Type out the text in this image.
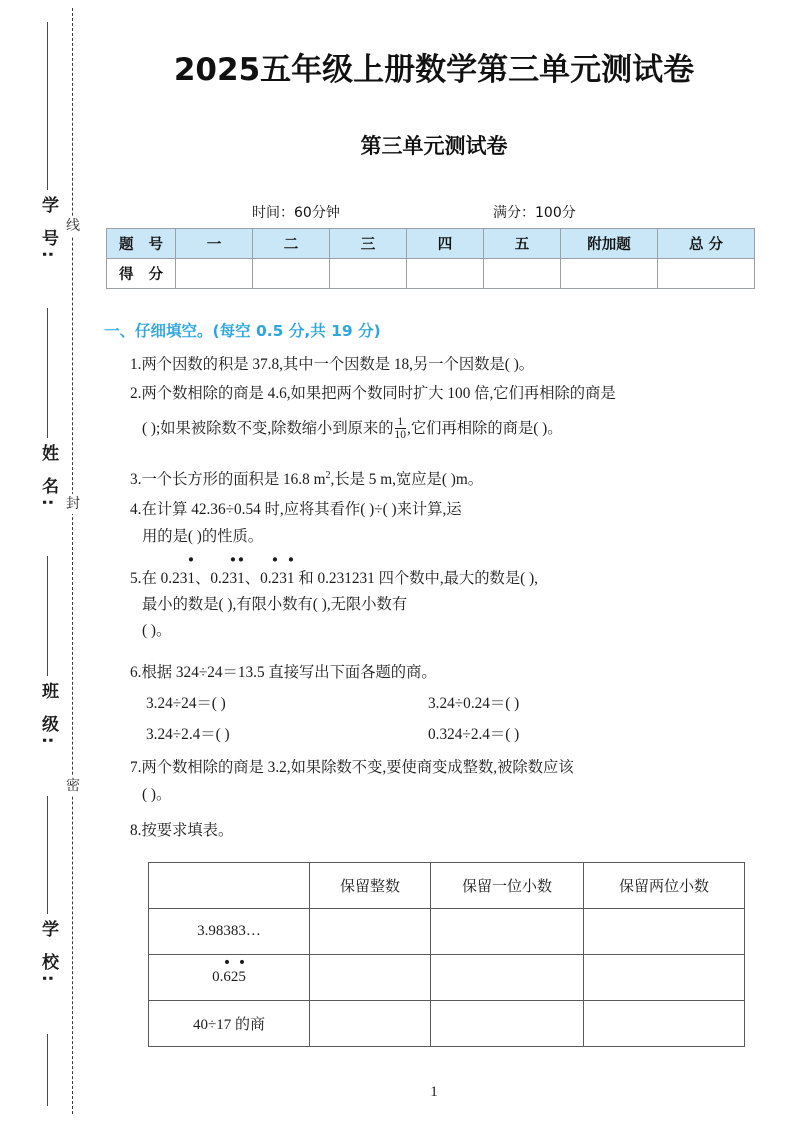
线
封
密
学 号:
姓 名:
班 级:
学 校:
2025五年级上册数学第三单元测试卷
第三单元测试卷
时间：60分钟	满分：100分
题 号	一	二	三	四	五	附加题	总 分
得 分							
一、仔细填空。(每空 0.5 分,共 19 分)
1.两个因数的积是 37.8,其中一个因数是 18,另一个因数是( )。
2.两个数相除的商是 4.6,如果把两个数同时扩大 100 倍,它们再相除的商是
( );如果被除数不变,除数缩小到原来的$\frac{1}{10}$ ,它们再相除的商是( )。
3.一个长方形的面积是 16.8 $m^2$,长是 5 m,宽应是( )m。
4.在计算 42.36÷0.54 时,应将其看作( )÷( )来计算,运
用的是( )的性质。
5.在 0.231 ·、0.23 ·1 ·、0.2 ·31 · 和 0.231231 四个数中,最大的数是( ),
最小的数是( ),有限小数有( ),无限小数有
( )。
6.根据 324÷24＝13.5 直接写出下面各题的商。
3.24÷24＝( )	3.24÷0.24＝( )
3.24÷2.4＝( )	0.324÷2.4＝( )
7.两个数相除的商是 3.2,如果除数不变,要使商变成整数,被除数应该
( )。
8.按要求填表。
	保留整数	保留一位小数	保留两位小数
3.98383…			
0.6 ·25 ·			
40÷17 的商			
1
